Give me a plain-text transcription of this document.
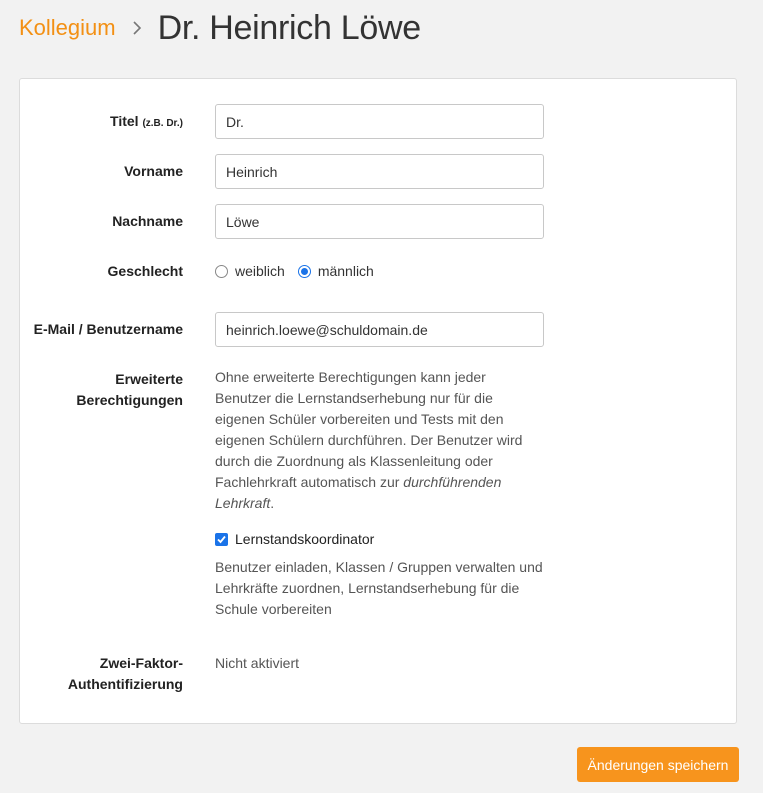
Kollegium Dr. Heinrich Löwe
Titel (z.B. Dr.)
Dr.
Vorname
Heinrich
Nachname
Löwe
Geschlecht	weiblich männlich
E-Mail / Benutzername
heinrich.loewe@schuldomain.de
Erweiterte
Berechtigungen
Ohne erweiterte Berechtigungen kann jeder Benutzer die Lernstandserhebung nur für die eigenen Schüler vorbereiten und Tests mit den eigenen Schülern durchführen. Der Benutzer wird durch die Zuordnung als Klassenleitung oder Fachlehrkraft automatisch zur durchführenden Lehrkraft.
Lernstandskoordinator
Benutzer einladen, Klassen / Gruppen verwalten und Lehrkräfte zuordnen, Lernstandserhebung für die Schule vorbereiten
Zwei-Faktor-
Authentifizierung
Nicht aktiviert
Änderungen speichern
